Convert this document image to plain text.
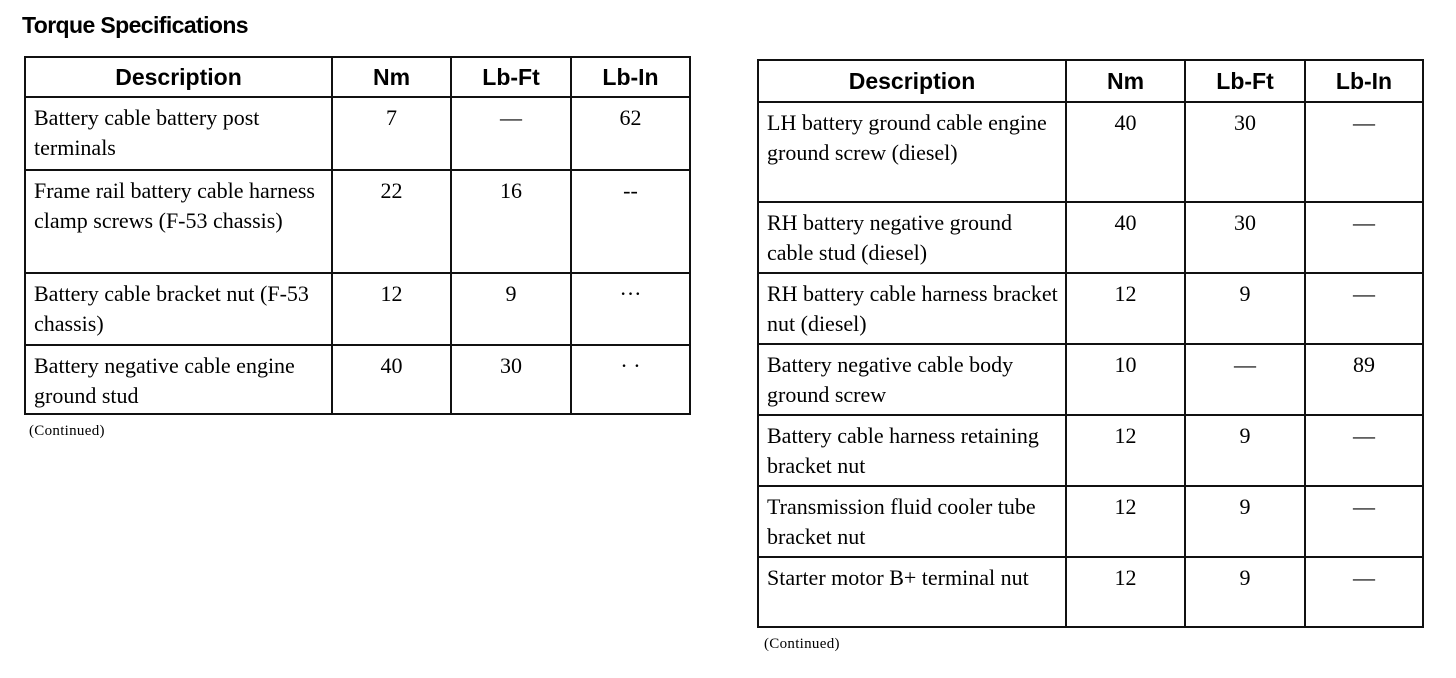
Torque Specifications
Description	Nm	Lb-Ft	Lb-In
Battery cable battery post terminals	7	—	62
Frame rail battery cable harness clamp screws (F-53 chassis)	22	16	--
Battery cable bracket nut (F-53 chassis)	12	9	···
Battery negative cable engine ground stud	40	30	· ·
(Continued)
Description	Nm	Lb-Ft	Lb-In
LH battery ground cable engine ground screw (diesel)	40	30	—
RH battery negative ground cable stud (diesel)	40	30	—
RH battery cable harness bracket nut (diesel)	12	9	—
Battery negative cable body ground screw	10	—	89
Battery cable harness retaining bracket nut	12	9	—
Transmission fluid cooler tube bracket nut	12	9	—
Starter motor B+ terminal nut	12	9	—
(Continued)
